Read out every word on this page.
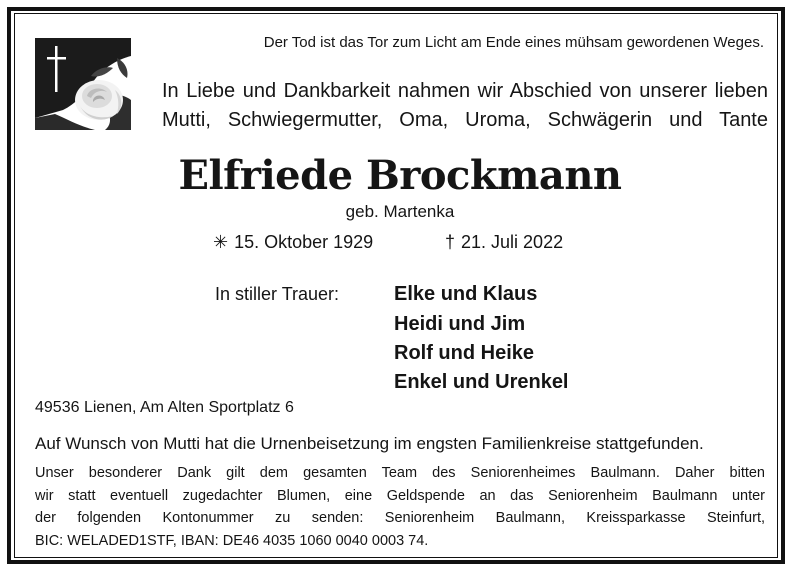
Der Tod ist das Tor zum Licht am Ende eines mühsam gewordenen Weges.
In Liebe und Dankbarkeit nahmen wir Abschied von unserer lieben
Mutti, Schwiegermutter, Oma, Uroma, Schwägerin und Tante
Elfriede Brockmann
geb. Martenka
✳ 15. Oktober 1929	† 21. Juli 2022
In stiller Trauer:	Elke und Klaus
Heidi und Jim
Rolf und Heike
Enkel und Urenkel
49536 Lienen, Am Alten Sportplatz 6
Auf Wunsch von Mutti hat die Urnenbeisetzung im engsten Familienkreise stattgefunden.
Unser besonderer Dank gilt dem gesamten Team des Seniorenheimes Baulmann. Daher bitten
wir statt eventuell zugedachter Blumen, eine Geldspende an das Seniorenheim Baulmann unter
der folgenden Kontonummer zu senden: Seniorenheim Baulmann, Kreissparkasse Steinfurt,
BIC: WELADED1STF, IBAN: DE46 4035 1060 0040 0003 74.
